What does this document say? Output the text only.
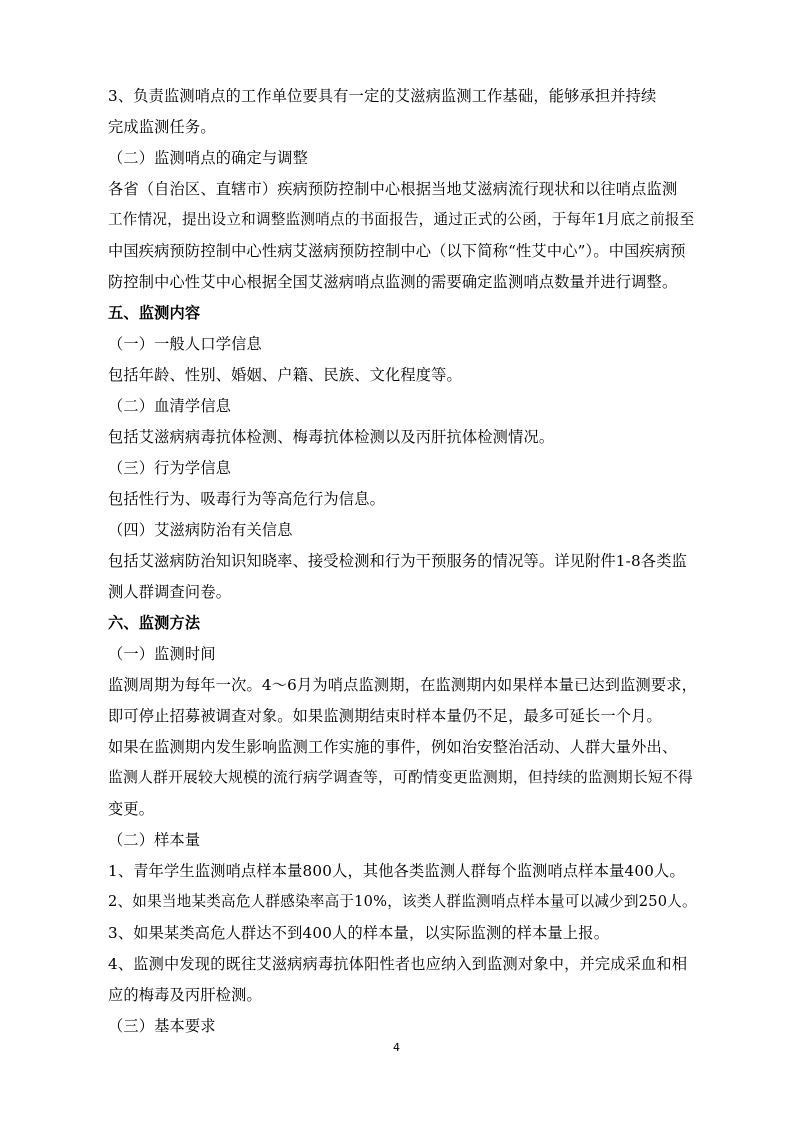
3、负责监测哨点的工作单位要具有一定的艾滋病监测工作基础，能够承担并持续
完成监测任务。
（二）监测哨点的确定与调整
各省（自治区、直辖市）疾病预防控制中心根据当地艾滋病流行现状和以往哨点监测
工作情况，提出设立和调整监测哨点的书面报告，通过正式的公函，于每年1月底之前报至
中国疾病预防控制中心性病艾滋病预防控制中心（以下简称“性艾中心”）。中国疾病预
防控制中心性艾中心根据全国艾滋病哨点监测的需要确定监测哨点数量并进行调整。
五、监测内容
（一）一般人口学信息
包括年龄、性别、婚姻、户籍、民族、文化程度等。
（二）血清学信息
包括艾滋病病毒抗体检测、梅毒抗体检测以及丙肝抗体检测情况。
（三）行为学信息
包括性行为、吸毒行为等高危行为信息。
（四）艾滋病防治有关信息
包括艾滋病防治知识知晓率、接受检测和行为干预服务的情况等。详见附件1-8各类监
测人群调查问卷。
六、监测方法
（一）监测时间
监测周期为每年一次。4～6月为哨点监测期，在监测期内如果样本量已达到监测要求，
即可停止招募被调查对象。如果监测期结束时样本量仍不足，最多可延长一个月。
如果在监测期内发生影响监测工作实施的事件，例如治安整治活动、人群大量外出、
监测人群开展较大规模的流行病学调查等，可酌情变更监测期，但持续的监测期长短不得
变更。
（二）样本量
1、青年学生监测哨点样本量800人，其他各类监测人群每个监测哨点样本量400人。
2、如果当地某类高危人群感染率高于10%，该类人群监测哨点样本量可以减少到250人。
3、如果某类高危人群达不到400人的样本量，以实际监测的样本量上报。
4、监测中发现的既往艾滋病病毒抗体阳性者也应纳入到监测对象中，并完成采血和相
应的梅毒及丙肝检测。
（三）基本要求
4
